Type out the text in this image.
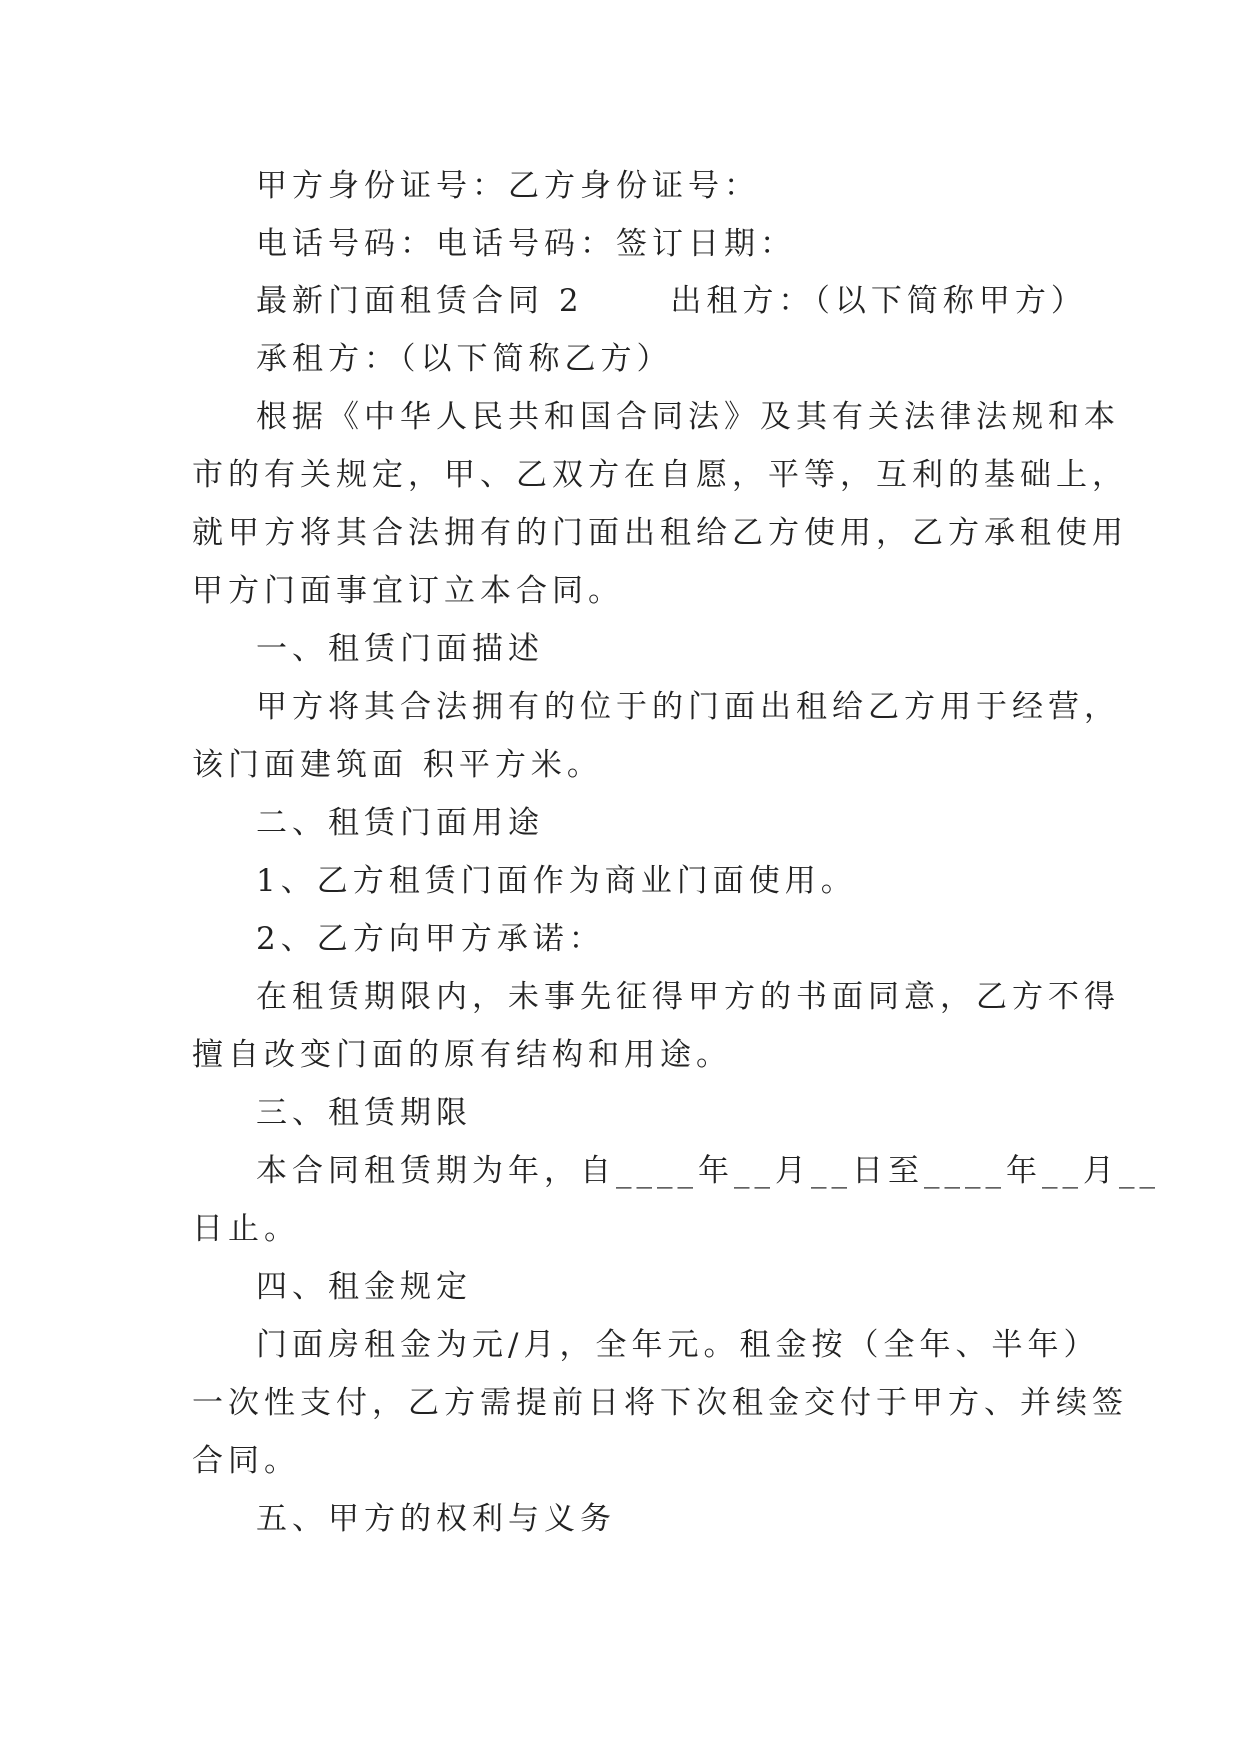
甲方身份证号：乙方身份证号：
电话号码：电话号码：签订日期：
最新门面租赁合同 2　　 出租方：（以下简称甲方）
承租方：（以下简称乙方）
根据《中华人民共和国合同法》及其有关法律法规和本
市的有关规定，甲、乙双方在自愿，平等，互利的基础上，
就甲方将其合法拥有的门面出租给乙方使用，乙方承租使用
甲方门面事宜订立本合同。
一、租赁门面描述
甲方将其合法拥有的位于的门面出租给乙方用于经营，
该门面建筑面 积平方米。
二、租赁门面用途
1、乙方租赁门面作为商业门面使用。
2、乙方向甲方承诺：
在租赁期限内，未事先征得甲方的书面同意，乙方不得
擅自改变门面的原有结构和用途。
三、租赁期限
本合同租赁期为年，自____年__月__日至____年__月__
日止。
四、租金规定
门面房租金为元/月，全年元。租金按（全年、半年）
一次性支付，乙方需提前日将下次租金交付于甲方、并续签
合同。
五、甲方的权利与义务
